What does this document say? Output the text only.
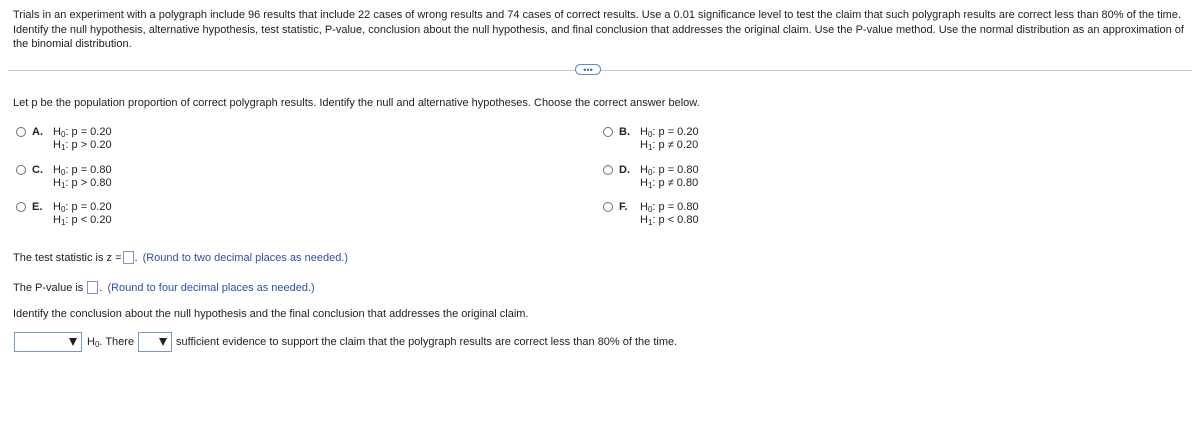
Trials in an experiment with a polygraph include 96 results that include 22 cases of wrong results and 74 cases of correct results. Use a 0.01 significance level to test the claim that such polygraph results are correct less than 80% of the time. Identify the null hypothesis, alternative hypothesis, test statistic, P-value, conclusion about the null hypothesis, and final conclusion that addresses the original claim. Use the P-value method. Use the normal distribution as an approximation of the binomial distribution.

•••

Let p be the population proportion of correct polygraph results. Identify the null and alternative hypotheses. Choose the correct answer below.

A. $H_0$: p = 0.20
$H_1$: p > 0.20
B. $H_0$: p = 0.20
$H_1$: p ≠ 0.20
C. $H_0$: p = 0.80
$H_1$: p > 0.80
D. $H_0$: p = 0.80
$H_1$: p ≠ 0.80
E. $H_0$: p = 0.20
$H_1$: p < 0.20
F. $H_0$: p = 0.80
$H_1$: p < 0.80

The test statistic is z = . (Round to two decimal places as needed.)

The P-value is . (Round to four decimal places as needed.)

Identify the conclusion about the null hypothesis and the final conclusion that addresses the original claim.

$H_0$. There	sufficient evidence to support the claim that the polygraph results are correct less than 80% of the time.
